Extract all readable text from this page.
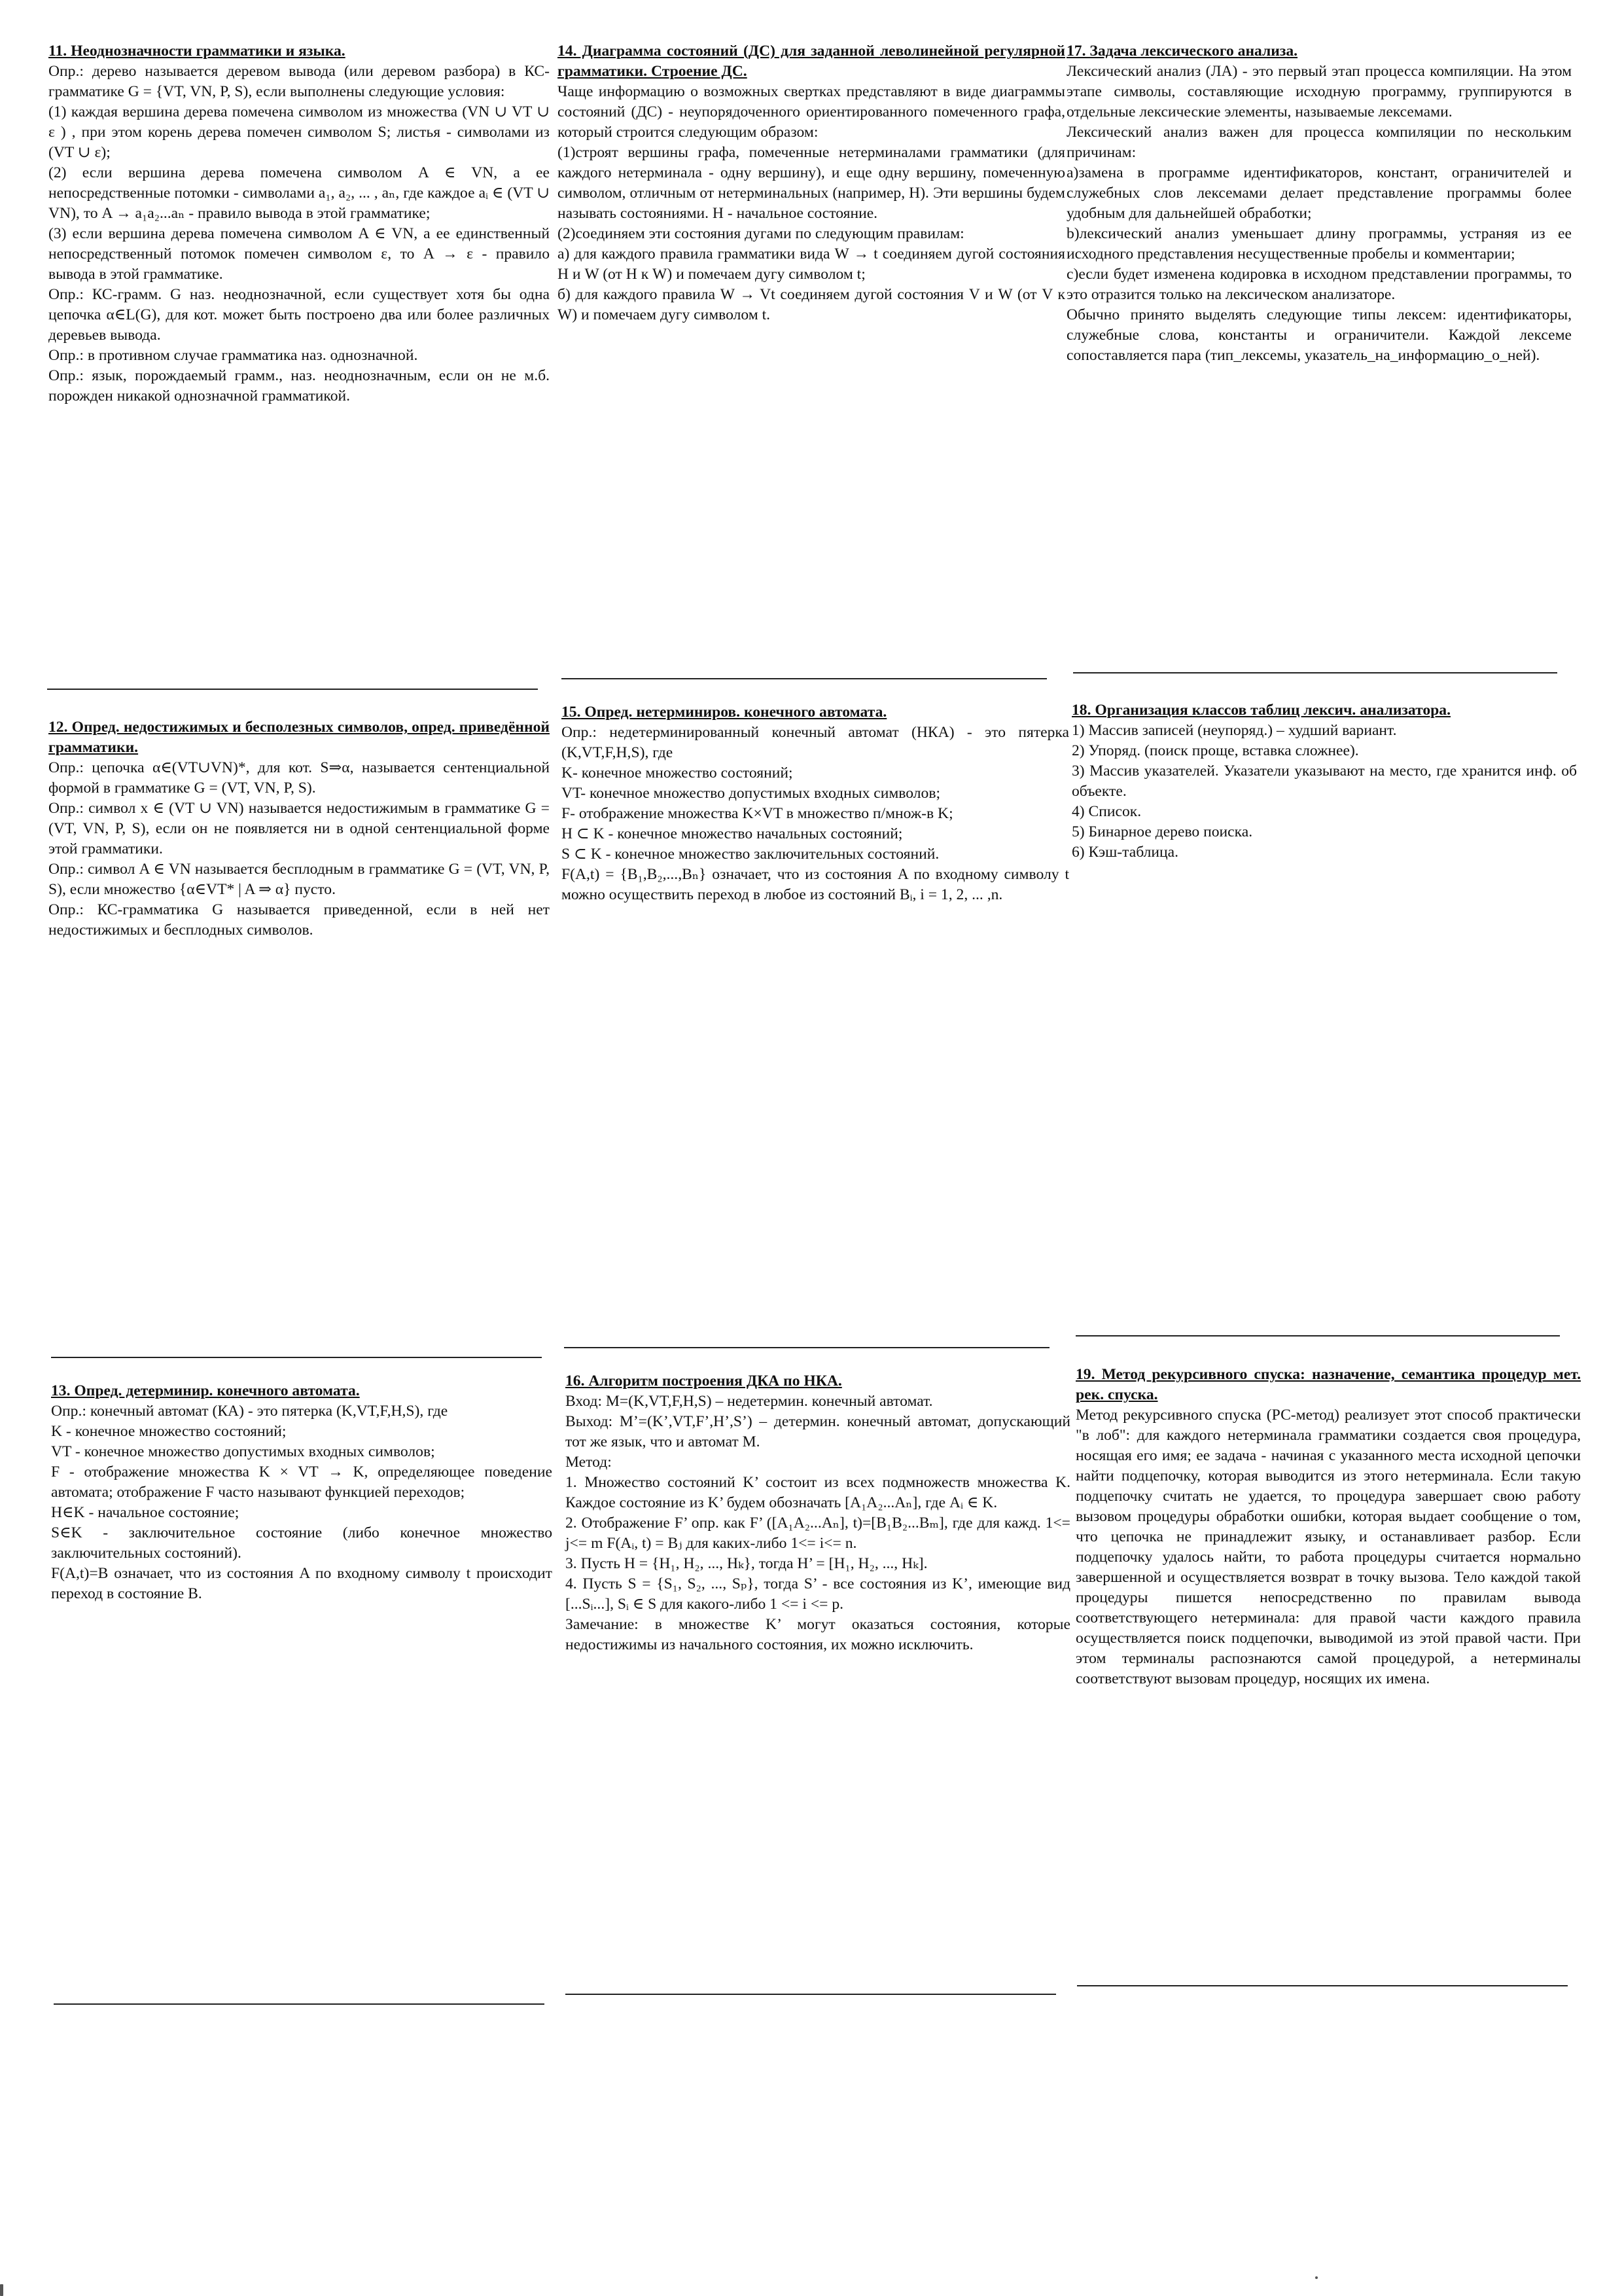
11. Неоднозначности грамматики и языка.

Опр.: дерево называется деревом вывода (или деревом разбора) в КС-грамматике G = {VT, VN, P, S), если выполнены следующие условия:

(1) каждая вершина дерева помечена символом из множества (VN ∪ VT ∪ ε ) , при этом корень дерева помечен символом S; листья - символами из (VT ∪ ε);

(2) если вершина дерева помечена символом A ∈ VN, а ее непосредственные потомки - символами a₁, a₂, ... , aₙ, где каждое aᵢ ∈ (VT ∪ VN), то A → a₁a₂...aₙ - правило вывода в этой грамматике;

(3) если вершина дерева помечена символом A ∈ VN, а ее единственный непосредственный потомок помечен символом ε, то A → ε - правило вывода в этой грамматике.

Опр.: КС-грамм. G наз. неоднозначной, если существует хотя бы одна цепочка α∈L(G), для кот. может быть построено два или более различных деревьев вывода.

Опр.: в противном случае грамматика наз. однозначной.

Опр.: язык, порождаемый грамм., наз. неоднозначным, если он не м.б. порожден никакой однозначной грамматикой.

12. Опред. недостижимых и бесполезных символов, опред. приведённой грамматики.

Опр.: цепочка α∈(VT∪VN)*, для кот. S⇒α, называется сентенциальной формой в грамматике G = (VT, VN, P, S).

Опр.: символ x ∈ (VT ∪ VN) называется недостижимым в грамматике G = (VT, VN, P, S), если он не появляется ни в одной сентенциальной форме этой грамматики.

Опр.: символ A ∈ VN называется бесплодным в грамматике G = (VT, VN, P, S), если множество {α∈VT* | A ⇒ α} пусто.

Опр.: КС-грамматика G называется приведенной, если в ней нет недостижимых и бесплодных символов.

13. Опред. детерминир. конечного автомата.

Опр.: конечный автомат (КА) - это пятерка (K,VT,F,H,S), где

K - конечное множество состояний;

VT - конечное множество допустимых входных символов;

F - отображение множества K × VT → K, определяющее поведение автомата; отображение F часто называют функцией переходов;

H∈K - начальное состояние;

S∈K - заключительное состояние (либо конечное множество заключительных состояний).

F(A,t)=B означает, что из состояния A по входному символу t происходит переход в состояние B.

14. Диаграмма состояний (ДС) для заданной леволинейной регулярной грамматики. Строение ДС.

Чаще информацию о возможных свертках представляют в виде диаграммы состояний (ДС) - неупорядоченного ориентированного помеченного графа, который строится следующим образом:

(1)строят вершины графа, помеченные нетерминалами грамматики (для каждого нетерминала - одну вершину), и еще одну вершину, помеченную символом, отличным от нетерминальных (например, H). Эти вершины будем называть состояниями. H - начальное состояние.

(2)соединяем эти состояния дугами по следующим правилам:

а) для каждого правила грамматики вида W → t соединяем дугой состояния H и W (от H к W) и помечаем дугу символом t;

б) для каждого правила W → Vt соединяем дугой состояния V и W (от V к W) и помечаем дугу символом t.

15. Опред. нетерминиров. конечного автомата.

Опр.: недетерминированный конечный автомат (НКА) - это пятерка (K,VT,F,H,S), где

K- конечное множество состояний;

VT- конечное множество допустимых входных символов;

F- отображение множества K×VT в множество п/множ-в K;

H ⊂ K - конечное множество начальных состояний;

S ⊂ K - конечное множество заключительных состояний.

F(A,t) = {B₁,B₂,...,Bₙ} означает, что из состояния A по входному символу t можно осуществить переход в любое из состояний Bᵢ, i = 1, 2, ... ,n.

16. Алгоритм построения ДКА по НКА.

Вход: M=(K,VT,F,H,S) – недетермин. конечный автомат.

Выход: M’=(K’,VT,F’,H’,S’) – детермин. конечный автомат, допускающий тот же язык, что и автомат M.

Метод:

1. Множество состояний K’ состоит из всех подмножеств множества K. Каждое состояние из K’ будем обозначать [A₁A₂...Aₙ], где Aᵢ ∈ K.

2. Отображение F’ опр. как F’ ([A₁A₂...Aₙ], t)=[B₁B₂...Bₘ], где для кажд. 1<= j<= m F(Aᵢ, t) = Bⱼ для каких-либо 1<= i<= n.

3. Пусть H = {H₁, H₂, ..., Hₖ}, тогда H’ = [H₁, H₂, ..., Hₖ].

4. Пусть S = {S₁, S₂, ..., Sₚ}, тогда S’ - все состояния из K’, имеющие вид [...Sᵢ...], Sᵢ ∈ S для какого-либо 1 <= i <= p.

Замечание: в множестве K’ могут оказаться состояния, которые недостижимы из начального состояния, их можно исключить.

17. Задача лексического анализа.

Лексический анализ (ЛА) - это первый этап процесса компиляции. На этом этапе символы, составляющие исходную программу, группируются в отдельные лексические элементы, называемые лексемами.

Лексический анализ важен для процесса компиляции по нескольким причинам:

а)замена в программе идентификаторов, констант, ограничителей и служебных слов лексемами делает представление программы более удобным для дальнейшей обработки;

b)лексический анализ уменьшает длину программы, устраняя из ее исходного представления несущественные пробелы и комментарии;

c)если будет изменена кодировка в исходном представлении программы, то это отразится только на лексическом анализаторе.

Обычно принято выделять следующие типы лексем: идентификаторы, служебные слова, константы и ограничители. Каждой лексеме сопоставляется пара (тип_лексемы, указатель_на_информацию_о_ней).

18. Организация классов таблиц лексич. анализатора.

1) Массив записей (неупоряд.) – худший вариант.

2) Упоряд. (поиск проще, вставка сложнее).

3) Массив указателей. Указатели указывают на место, где хранится инф. об объекте.

4) Список.

5) Бинарное дерево поиска.

6) Кэш-таблица.

19. Метод рекурсивного спуска: назначение, семантика процедур мет. рек. спуска.

Метод рекурсивного спуска (РС-метод) реализует этот способ практически "в лоб": для каждого нетерминала грамматики создается своя процедура, носящая его имя; ее задача - начиная с указанного места исходной цепочки найти подцепочку, которая выводится из этого нетерминала. Если такую подцепочку считать не удается, то процедура завершает свою работу вызовом процедуры обработки ошибки, которая выдает сообщение о том, что цепочка не принадлежит языку, и останавливает разбор. Если подцепочку удалось найти, то работа процедуры считается нормально завершенной и осуществляется возврат в точку вызова. Тело каждой такой процедуры пишется непосредственно по правилам вывода соответствующего нетерминала: для правой части каждого правила осуществляется поиск подцепочки, выводимой из этой правой части. При этом терминалы распознаются самой процедурой, а нетерминалы соответствуют вызовам процедур, носящих их имена.
